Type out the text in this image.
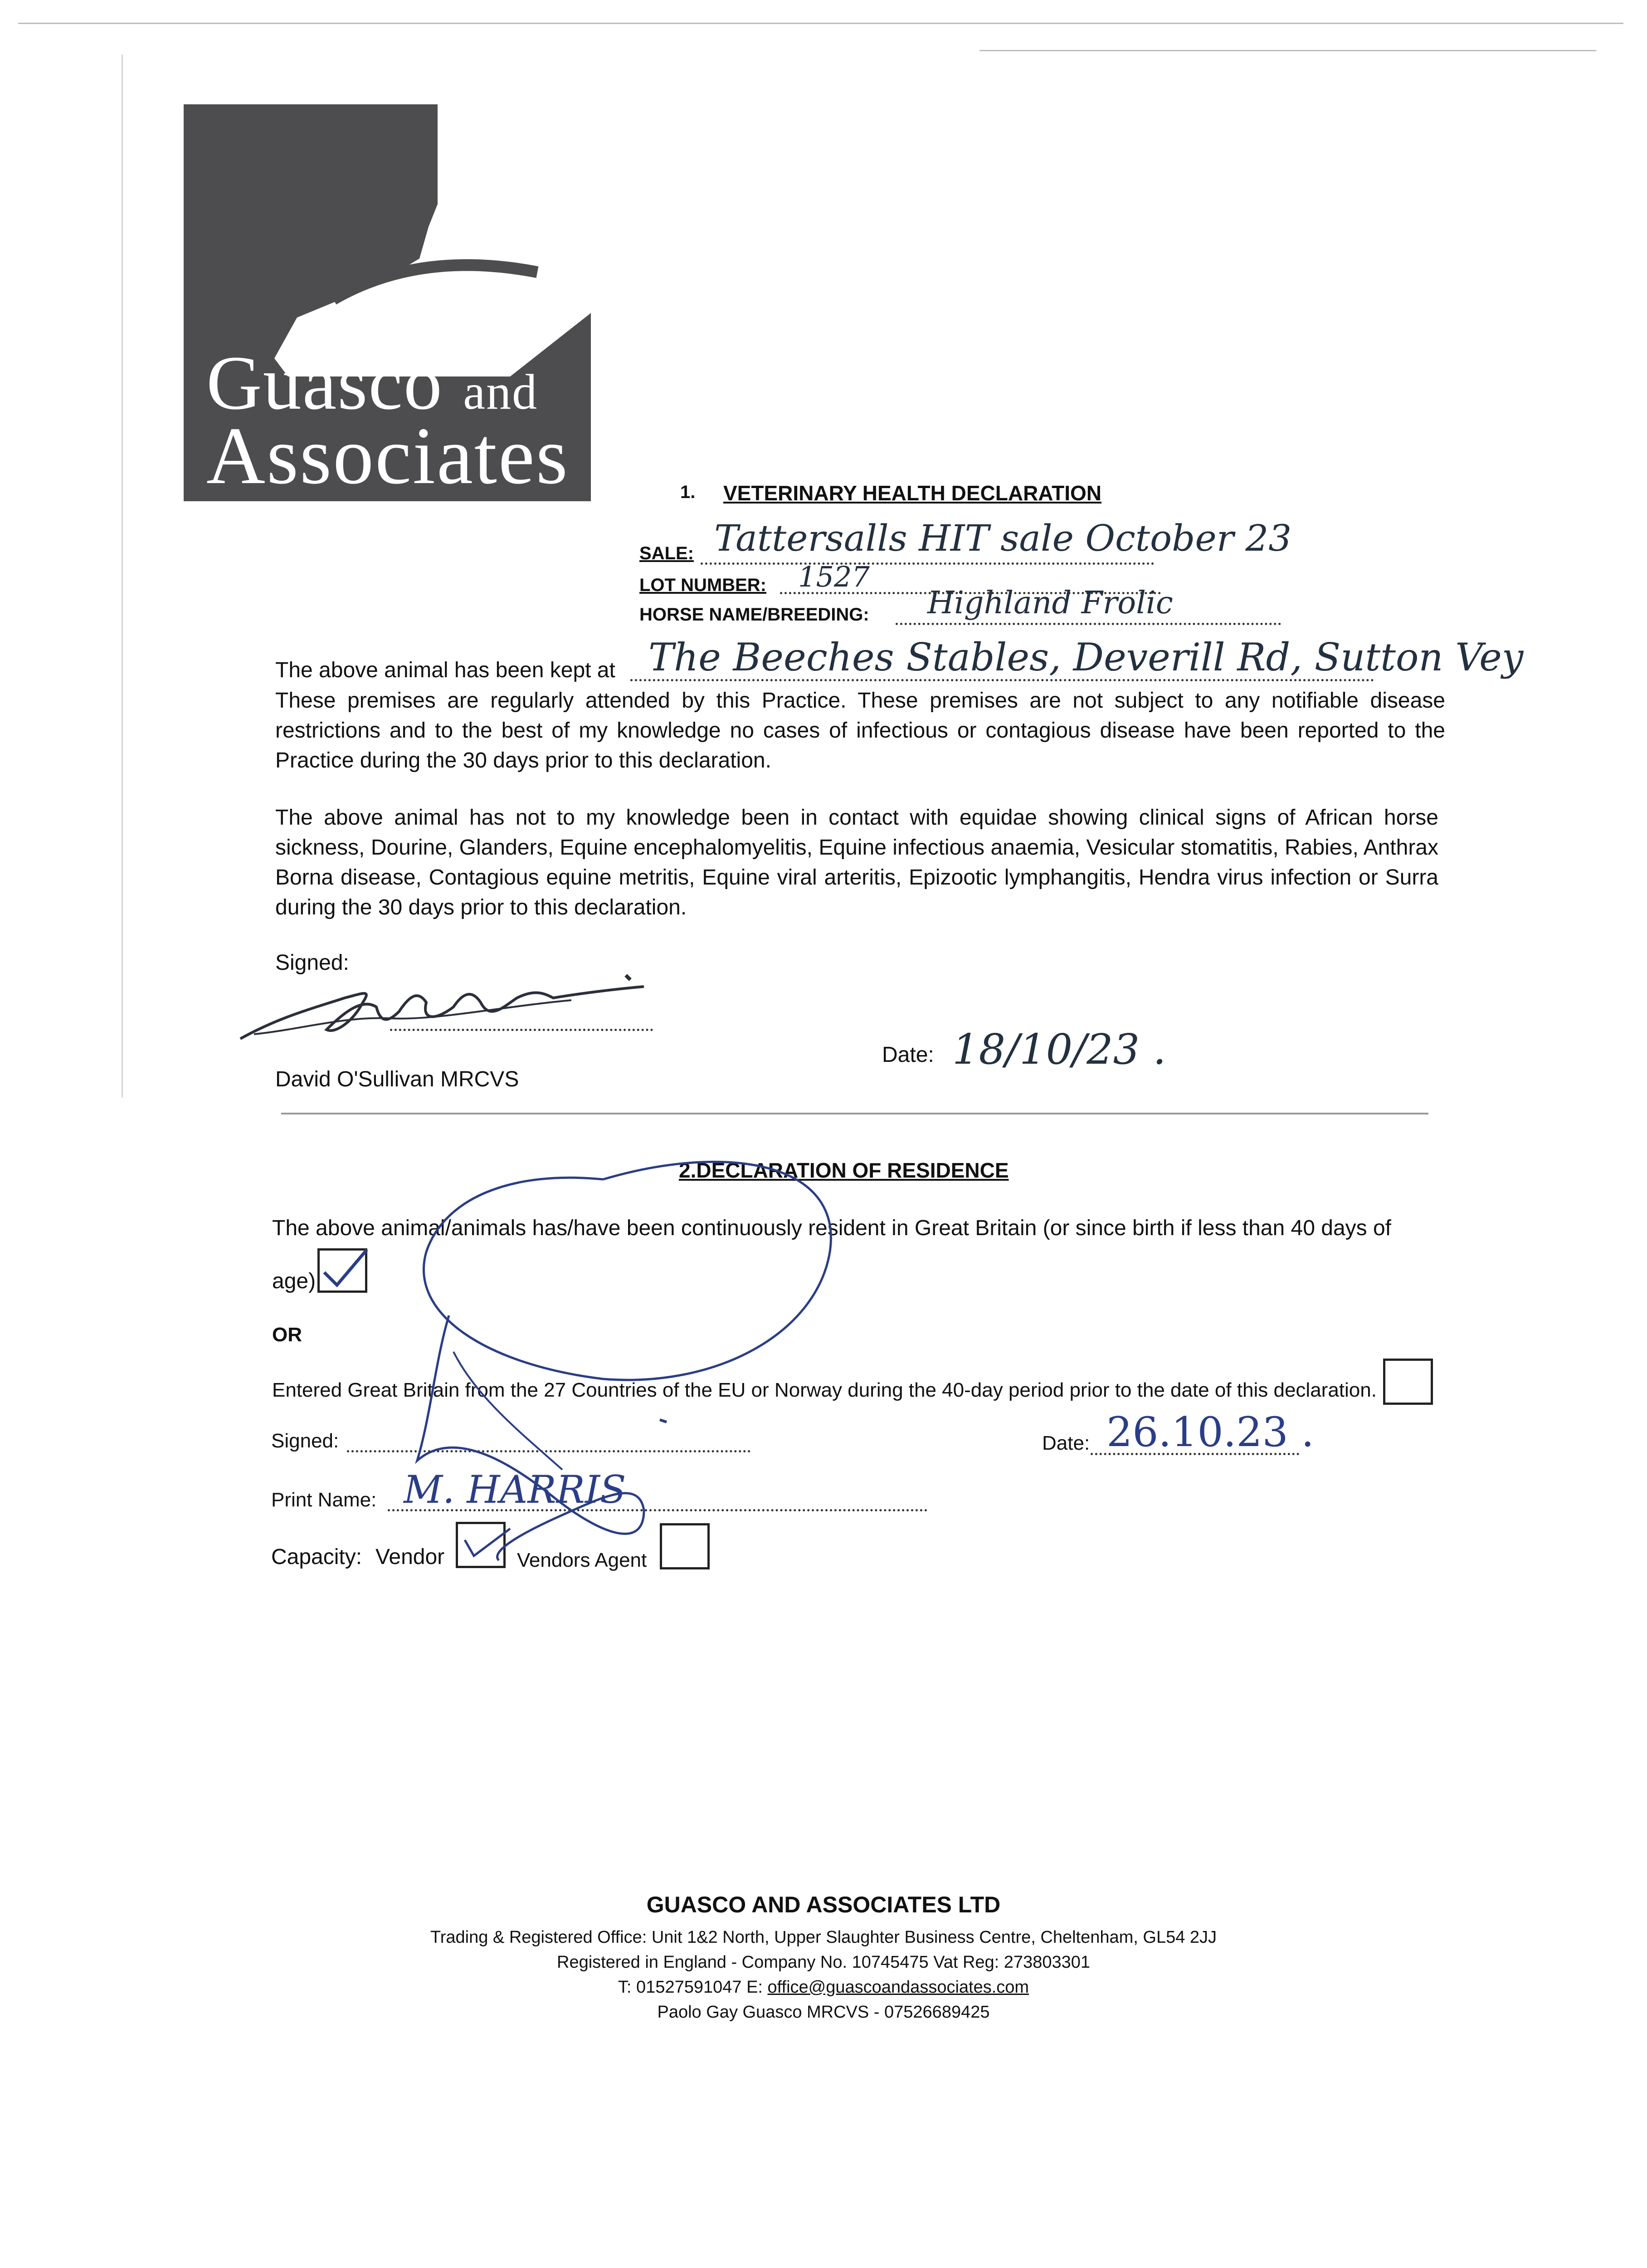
Guasco and
Associates	1. VETERINARY HEALTH DECLARATION
SALE: Tattersalls HIT sale October 23
LOT NUMBER: 1527
HORSE NAME/BREEDING: Highland Frolic
The above animal has been kept at The Beeches Stables, Deverill Rd, Sutton Vey
These premises are regularly attended by this Practice. These premises are not subject to any notifiable disease restrictions and to the best of my knowledge no cases of infectious or contagious disease have been reported to the Practice during the 30 days prior to this declaration.
The above animal has not to my knowledge been in contact with equidae showing clinical signs of African horse sickness, Dourine, Glanders, Equine encephalomyelitis, Equine infectious anaemia, Vesicular stomatitis, Rabies, Anthrax Borna disease, Contagious equine metritis, Equine viral arteritis, Epizootic lymphangitis, Hendra virus infection or Surra during the 30 days prior to this declaration.
Signed:
David O'Sullivan MRCVS
Date: 18/10/23 .
2.DECLARATION OF RESIDENCE
The above animal/animals has/have been continuously resident in Great Britain (or since birth if less than 40 days of
age)
OR
Entered Great Britain from the 27 Countries of the EU or Norway during the 40-day period prior to the date of this declaration.
Signed:	Date: 26.10.23 .
Print Name: M. HARRIS
Capacity: Vendor	Vendors Agent
GUASCO AND ASSOCIATES LTD
Trading & Registered Office: Unit 1&2 North, Upper Slaughter Business Centre, Cheltenham, GL54 2JJ
Registered in England - Company No. 10745475 Vat Reg: 273803301
T: 01527591047 E: office@guascoandassociates.com
Paolo Gay Guasco MRCVS - 07526689425
